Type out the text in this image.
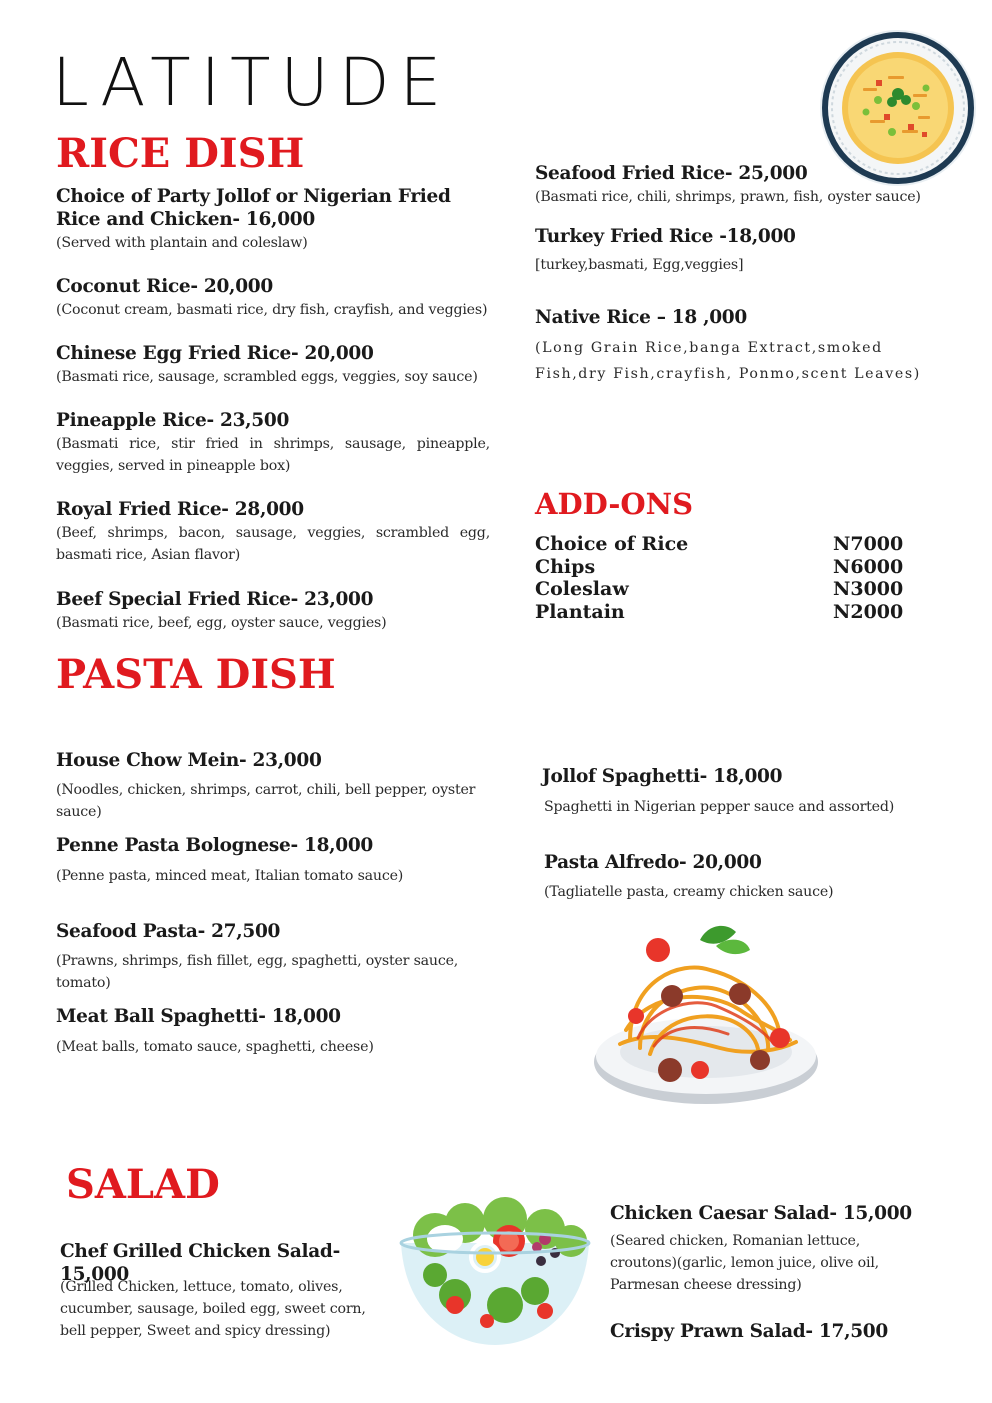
LATITUDE
RICE DISH
Choice of Party Jollof or Nigerian Fried Rice and Chicken- 16,000
(Served with plantain and coleslaw)
Coconut Rice- 20,000
(Coconut cream, basmati rice, dry fish, crayfish, and veggies)
Chinese Egg Fried Rice- 20,000
(Basmati rice, sausage, scrambled eggs, veggies, soy sauce)
Pineapple Rice- 23,500
(Basmati rice, stir fried in shrimps, sausage, pineapple, veggies, served in pineapple box)
Royal Fried Rice- 28,000
(Beef, shrimps, bacon, sausage, veggies, scrambled egg, basmati rice, Asian flavor)
Beef Special Fried Rice- 23,000
(Basmati rice, beef, egg, oyster sauce, veggies)
Seafood Fried Rice- 25,000
(Basmati rice, chili, shrimps, prawn, fish, oyster sauce)
Turkey Fried Rice -18,000
[turkey,basmati, Egg,veggies]
Native Rice – 18 ,000
(Long Grain Rice,banga Extract,smoked Fish,dry Fish,crayfish, Ponmo,scent Leaves)
ADD-ONS
Choice of Rice	N7000
Chips	N6000
Coleslaw	N3000
Plantain	N2000
PASTA DISH
House Chow Mein- 23,000
(Noodles, chicken, shrimps, carrot, chili, bell pepper, oyster sauce)
Penne Pasta Bolognese- 18,000
(Penne pasta, minced meat, Italian tomato sauce)
Seafood Pasta- 27,500
(Prawns, shrimps, fish fillet, egg, spaghetti, oyster sauce, tomato)
Meat Ball Spaghetti- 18,000
(Meat balls, tomato sauce, spaghetti, cheese)
Jollof Spaghetti- 18,000
Spaghetti in Nigerian pepper sauce and assorted)
Pasta Alfredo- 20,000
(Tagliatelle pasta, creamy chicken sauce)
SALAD
Chef Grilled Chicken Salad- 15,000
(Grilled Chicken, lettuce, tomato, olives, cucumber, sausage, boiled egg, sweet corn, bell pepper, Sweet and spicy dressing)
Chicken Caesar Salad- 15,000
(Seared chicken, Romanian lettuce, croutons)(garlic, lemon juice, olive oil, Parmesan cheese dressing)
Crispy Prawn Salad- 17,500
